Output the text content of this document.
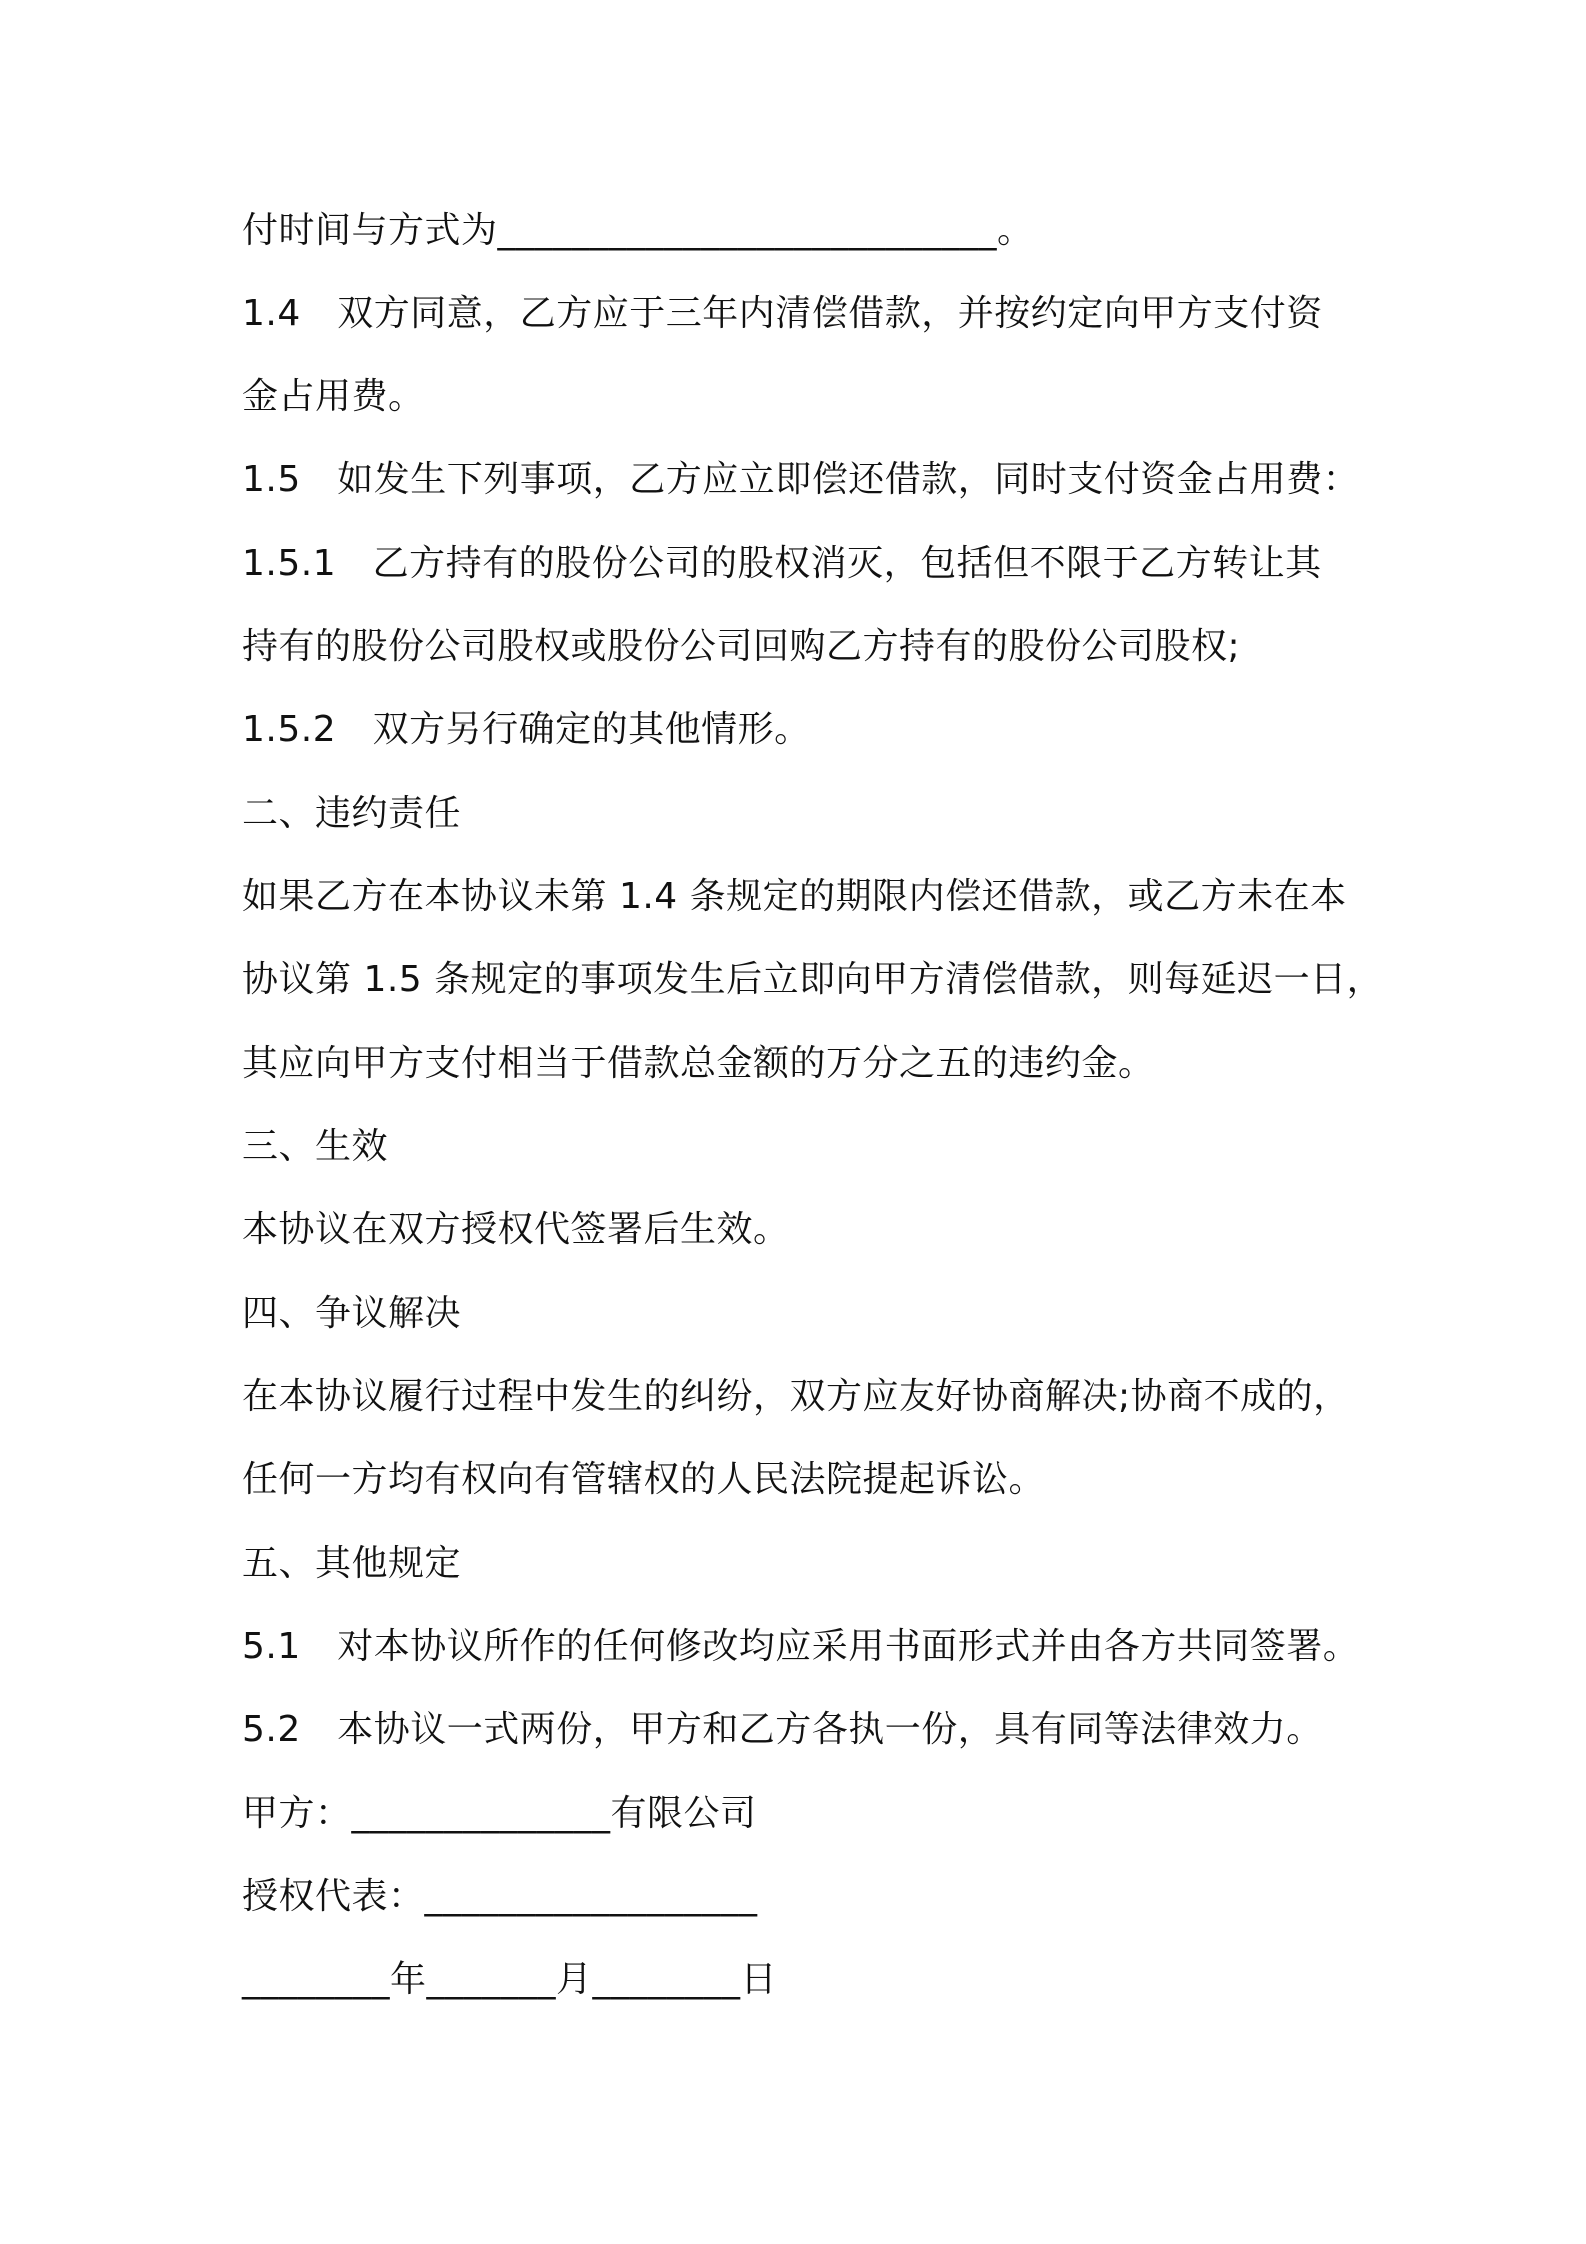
付时间与方式为___________________________。
1.4　双方同意，乙方应于三年内清偿借款，并按约定向甲方支付资
金占用费。
1.5　如发生下列事项，乙方应立即偿还借款，同时支付资金占用费：
1.5.1　乙方持有的股份公司的股权消灭，包括但不限于乙方转让其
持有的股份公司股权或股份公司回购乙方持有的股份公司股权;
1.5.2　双方另行确定的其他情形。
二、违约责任
如果乙方在本协议未第 1.4 条规定的期限内偿还借款，或乙方未在本
协议第 1.5 条规定的事项发生后立即向甲方清偿借款，则每延迟一日，
其应向甲方支付相当于借款总金额的万分之五的违约金。
三、生效
本协议在双方授权代签署后生效。
四、争议解决
在本协议履行过程中发生的纠纷，双方应友好协商解决;协商不成的，
任何一方均有权向有管辖权的人民法院提起诉讼。
五、其他规定
5.1　对本协议所作的任何修改均应采用书面形式并由各方共同签署。
5.2　本协议一式两份，甲方和乙方各执一份，具有同等法律效力。
甲方：______________有限公司
授权代表：__________________
________年_______月________日
